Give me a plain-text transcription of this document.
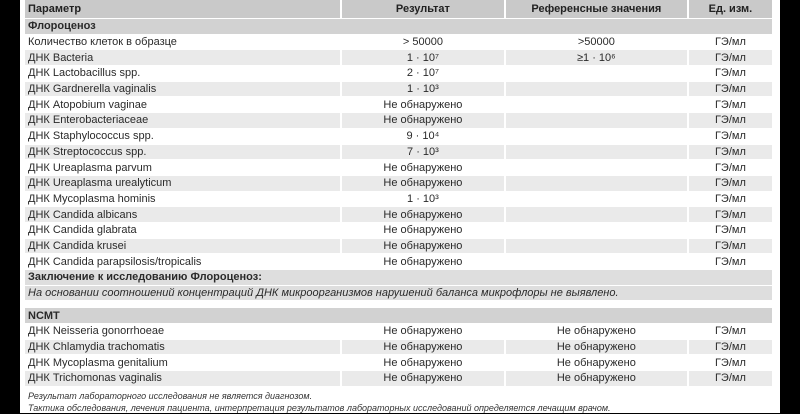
Параметр	Результат	Референсные значения	Ед. изм.
Флороценоз			
Количество клеток в образце	> 50000	>50000	ГЭ/мл
ДНК Bacteria	1 · 10⁷	≥1 · 10⁶	ГЭ/мл
ДНК Lactobacillus spp.	2 · 10⁷		ГЭ/мл
ДНК Gardnerella vaginalis	1 · 10³		ГЭ/мл
ДНК Atopobium vaginae	Не обнаружено		ГЭ/мл
ДНК Enterobacteriaceae	Не обнаружено		ГЭ/мл
ДНК Staphylococcus spp.	9 · 10⁴		ГЭ/мл
ДНК Streptococcus spp.	7 · 10³		ГЭ/мл
ДНК Ureaplasma parvum	Не обнаружено		ГЭ/мл
ДНК Ureaplasma urealyticum	Не обнаружено		ГЭ/мл
ДНК Mycoplasma hominis	1 · 10³		ГЭ/мл
ДНК Candida albicans	Не обнаружено		ГЭ/мл
ДНК Candida glabrata	Не обнаружено		ГЭ/мл
ДНК Candida krusei	Не обнаружено		ГЭ/мл
ДНК Candida parapsilosis/tropicalis	Не обнаружено		ГЭ/мл
Заключение к исследованию Флороценоз:			
На основании соотношений концентраций ДНК микроорганизмов нарушений баланса микрофлоры не выявлено.			

NCMT			
ДНК Neisseria gonorrhoeae	Не обнаружено	Не обнаружено	ГЭ/мл
ДНК Chlamydia trachomatis	Не обнаружено	Не обнаружено	ГЭ/мл
ДНК Mycoplasma genitalium	Не обнаружено	Не обнаружено	ГЭ/мл
ДНК Trichomonas vaginalis	Не обнаружено	Не обнаружено	ГЭ/мл
Результат лабораторного исследования не является диагнозом.
Тактика обследования, лечения пациента, интерпретация результатов лабораторных исследований определяется лечащим врачом.
